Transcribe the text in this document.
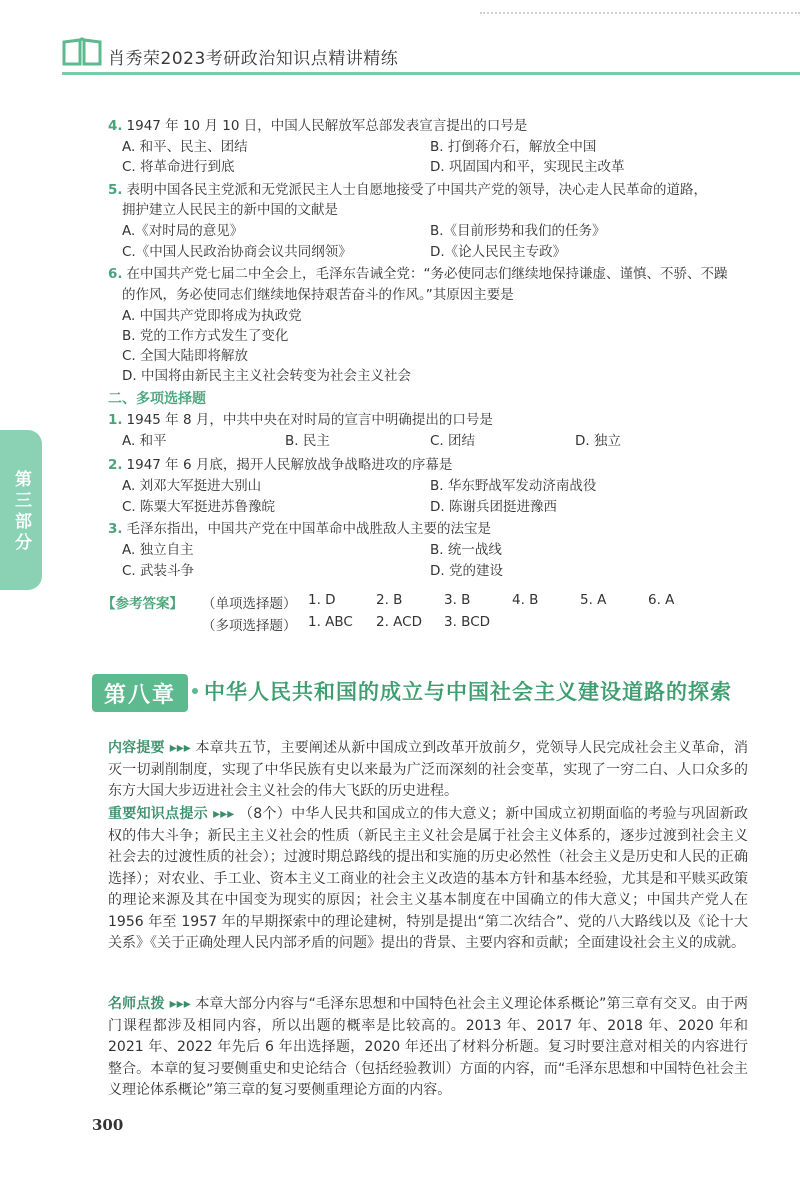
肖秀荣2023考研政治知识点精讲精练
第三部分
4. 1947 年 10 月 10 日，中国人民解放军总部发表宣言提出的口号是
A. 和平、民主、团结	B. 打倒蒋介石，解放全中国
C. 将革命进行到底	D. 巩固国内和平，实现民主改革
5. 表明中国各民主党派和无党派民主人士自愿地接受了中国共产党的领导，决心走人民革命的道路，
拥护建立人民民主的新中国的文献是
A.《对时局的意见》	B.《目前形势和我们的任务》
C.《中国人民政治协商会议共同纲领》	D.《论人民民主专政》
6. 在中国共产党七届二中全会上，毛泽东告诫全党：“务必使同志们继续地保持谦虚、谨慎、不骄、不躁
的作风，务必使同志们继续地保持艰苦奋斗的作风。”其原因主要是
A. 中国共产党即将成为执政党
B. 党的工作方式发生了变化
C. 全国大陆即将解放
D. 中国将由新民主主义社会转变为社会主义社会
二、多项选择题
1. 1945 年 8 月，中共中央在对时局的宣言中明确提出的口号是
A. 和平	B. 民主	C. 团结	D. 独立
2. 1947 年 6 月底，揭开人民解放战争战略进攻的序幕是
A. 刘邓大军挺进大别山	B. 华东野战军发动济南战役
C. 陈粟大军挺进苏鲁豫皖	D. 陈谢兵团挺进豫西
3. 毛泽东指出，中国共产党在中国革命中战胜敌人主要的法宝是
A. 独立自主	B. 统一战线
C. 武装斗争	D. 党的建设
【参考答案】 （单项选择题） 1. D	2. B	3. B	4. B	5. A	6. A
（多项选择题） 1. ABC 2. ACD 3. BCD
第八章	中华人民共和国的成立与中国社会主义建设道路的探索
内容提要 ▸▸▸ 本章共五节，主要阐述从新中国成立到改革开放前夕，党领导人民完成社会主义革命，消灭一切剥削制度，实现了中华民族有史以来最为广泛而深刻的社会变革，实现了一穷二白、人口众多的东方大国大步迈进社会主义社会的伟大飞跃的历史进程。
重要知识点提示 ▸▸▸ （8个）中华人民共和国成立的伟大意义；新中国成立初期面临的考验与巩固新政权的伟大斗争；新民主主义社会的性质（新民主主义社会是属于社会主义体系的，逐步过渡到社会主义社会去的过渡性质的社会）；过渡时期总路线的提出和实施的历史必然性（社会主义是历史和人民的正确选择）；对农业、手工业、资本主义工商业的社会主义改造的基本方针和基本经验，尤其是和平赎买政策的理论来源及其在中国变为现实的原因；社会主义基本制度在中国确立的伟大意义；中国共产党人在 1956 年至 1957 年的早期探索中的理论建树，特别是提出“第二次结合”、党的八大路线以及《论十大关系》《关于正确处理人民内部矛盾的问题》提出的背景、主要内容和贡献；全面建设社会主义的成就。
名师点拨 ▸▸▸ 本章大部分内容与“毛泽东思想和中国特色社会主义理论体系概论”第三章有交叉。由于两门课程都涉及相同内容，所以出题的概率是比较高的。2013 年、2017 年、2018 年、2020 年和 2021 年、2022 年先后 6 年出选择题，2020 年还出了材料分析题。复习时要注意对相关的内容进行整合。本章的复习要侧重史和史论结合（包括经验教训）方面的内容，而“毛泽东思想和中国特色社会主义理论体系概论”第三章的复习要侧重理论方面的内容。
300
